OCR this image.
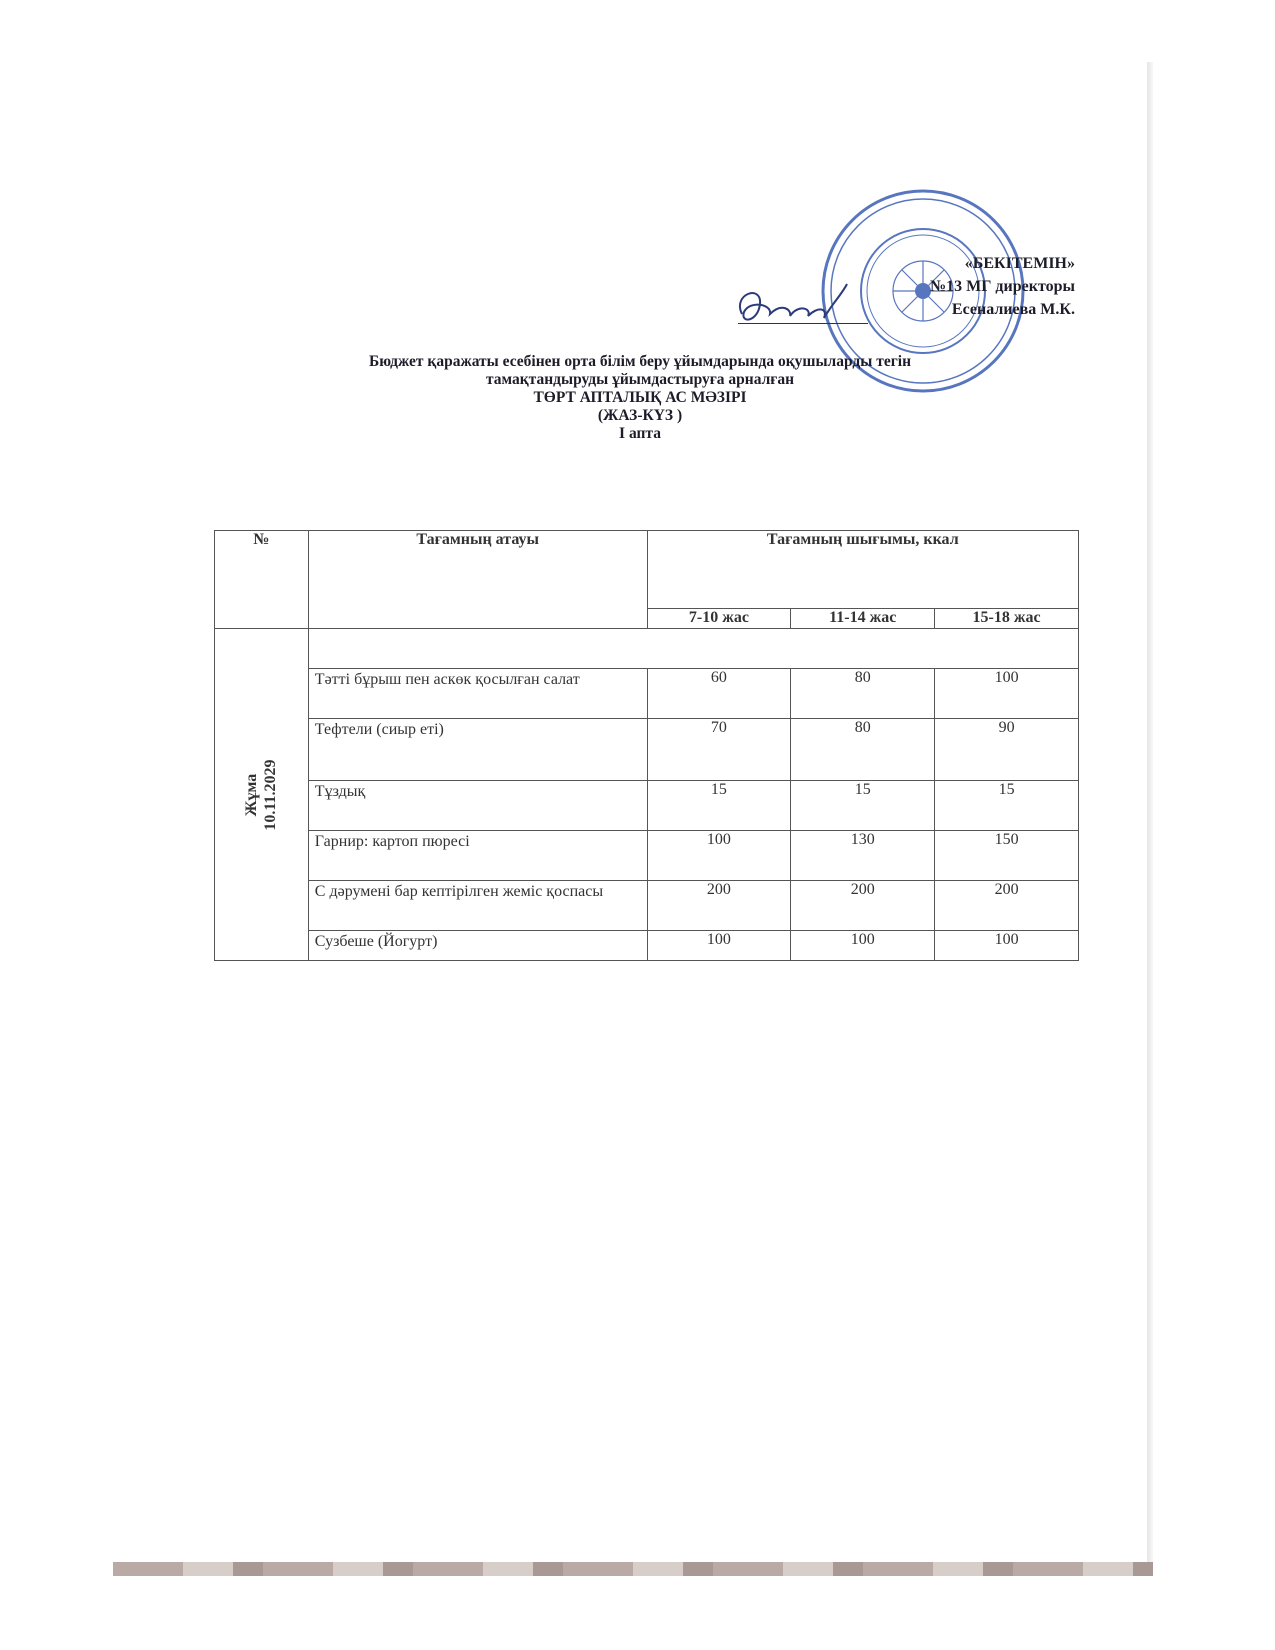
«БЕКІТЕМІН»
№13 МГ директоры
Есеналиева М.К.
Бюджет қаражаты есебінен орта білім беру ұйымдарында оқушыларды тегін
тамақтандыруды ұйымдастыруға арналған
ТӨРТ АПТАЛЫҚ АС МӘЗІРІ
(ЖАЗ-КҮЗ )
І апта
№	Тағамның атауы	Тағамның шығымы, ккал		
		7-10 жас	11-14 жас	15-18 жас

Жұма 10.11.2029				

	Тәтті бұрыш пен аскөк қосылған салат	60	80	100
	Тефтели (сиыр еті)	70	80	90
	Тұздық	15	15	15
	Гарнир: картоп пюресі	100	130	150
	С дәрумені бар кептірілген жеміс қоспасы	200	200	200
	Сузбеше (Йогурт)	100	100	100
